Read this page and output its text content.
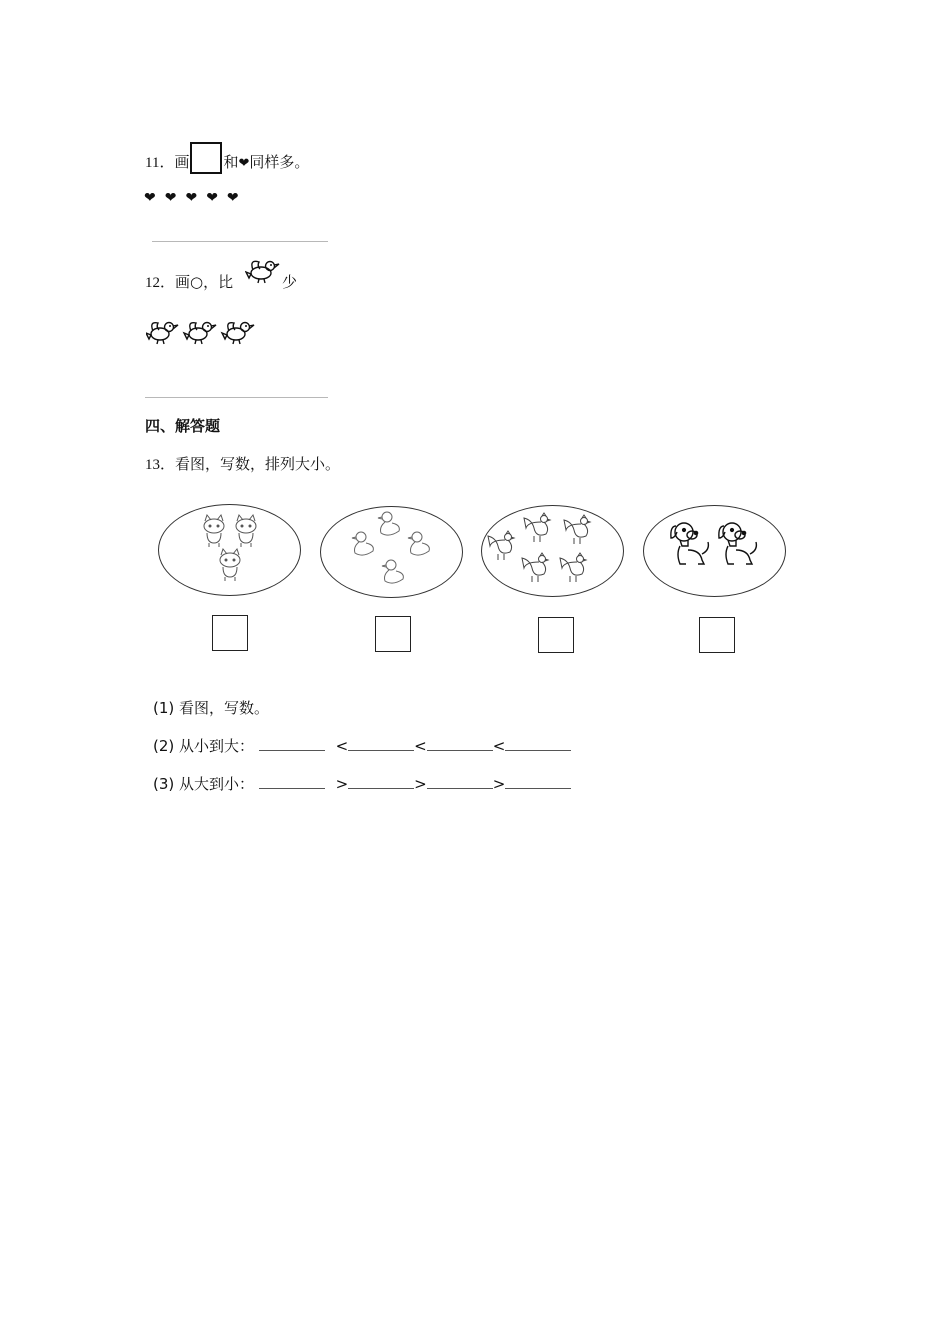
11．画 和❤同样多。
❤❤❤❤❤
12．画○，比	少
四、解答题
13．看图，写数，排列大小。
(1) 看图，写数。
(2) 从小到大：	<	<	<
(3) 从大到小：	>	>	>
